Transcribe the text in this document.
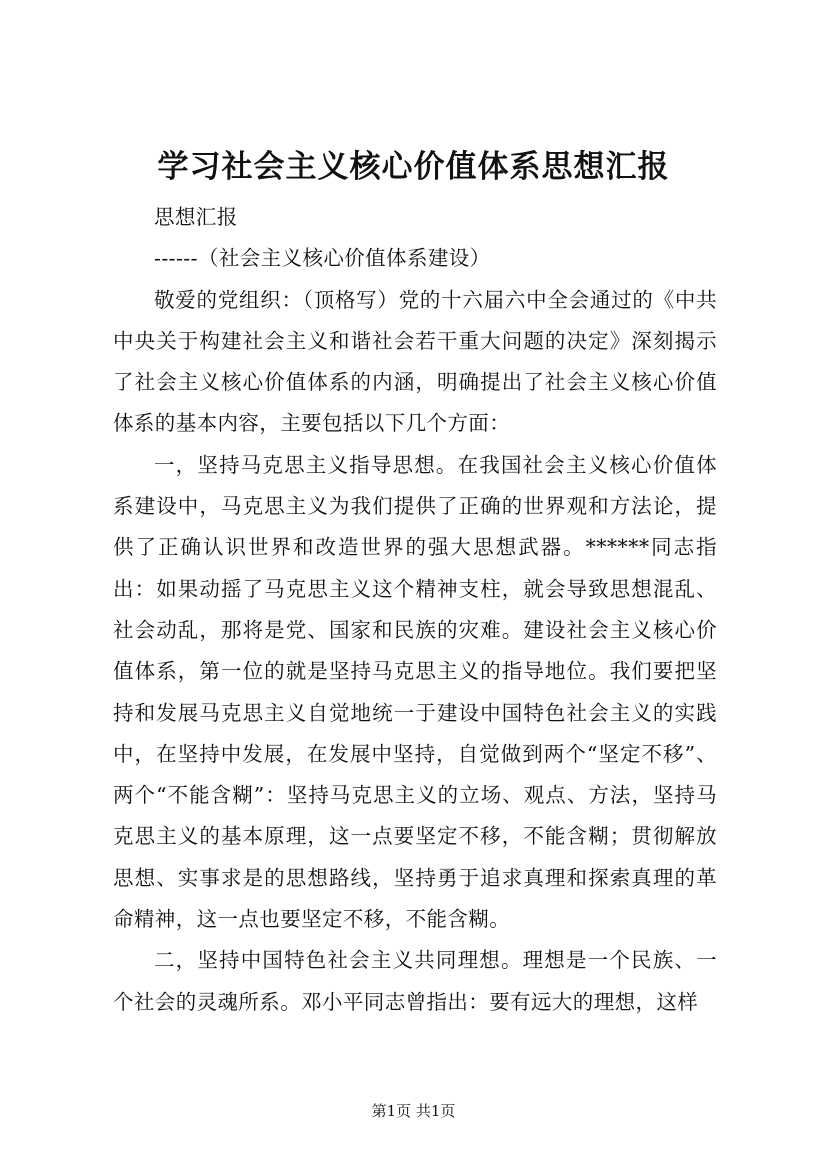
学习社会主义核心价值体系思想汇报

思想汇报

------（社会主义核心价值体系建设）

敬爱的党组织：（顶格写）党的十六届六中全会通过的《中共中央关于构建社会主义和谐社会若干重大问题的决定》深刻揭示了社会主义核心价值体系的内涵，明确提出了社会主义核心价值体系的基本内容，主要包括以下几个方面：

一，坚持马克思主义指导思想。在我国社会主义核心价值体系建设中，马克思主义为我们提供了正确的世界观和方法论，提供了正确认识世界和改造世界的强大思想武器。******同志指出：如果动摇了马克思主义这个精神支柱，就会导致思想混乱、社会动乱，那将是党、国家和民族的灾难。建设社会主义核心价值体系，第一位的就是坚持马克思主义的指导地位。我们要把坚持和发展马克思主义自觉地统一于建设中国特色社会主义的实践中，在坚持中发展，在发展中坚持，自觉做到两个“坚定不移”、两个“不能含糊”：坚持马克思主义的立场、观点、方法，坚持马克思主义的基本原理，这一点要坚定不移，不能含糊；贯彻解放思想、实事求是的思想路线，坚持勇于追求真理和探索真理的革命精神，这一点也要坚定不移，不能含糊。

二，坚持中国特色社会主义共同理想。理想是一个民族、一个社会的灵魂所系。邓小平同志曾指出：要有远大的理想，这样

第1页 共1页
